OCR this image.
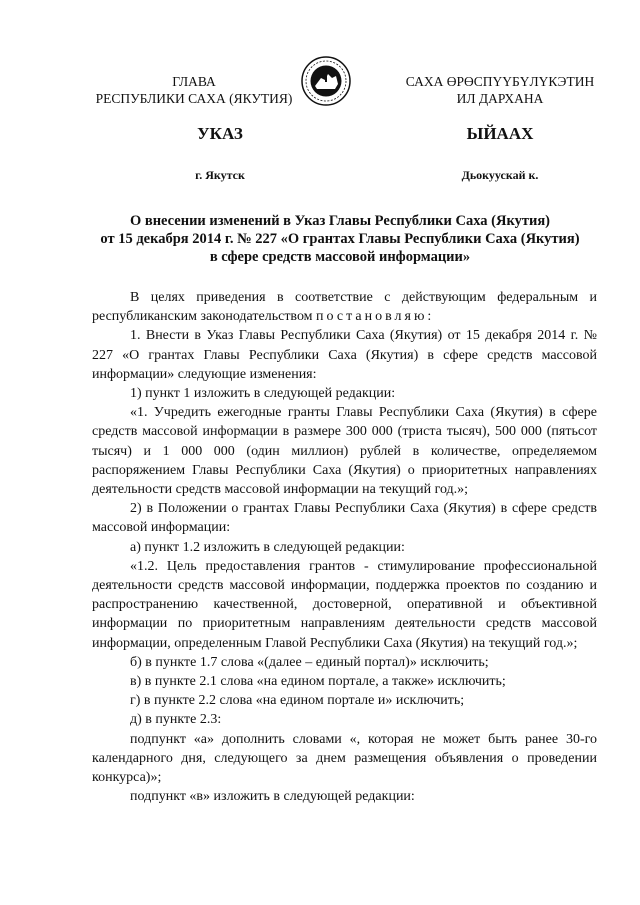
ГЛАВА
РЕСПУБЛИКИ САХА (ЯКУТИЯ)
САХА ӨРӨСПҮҮБҮЛҮКЭТИН
ИЛ ДАРХАНА
УКАЗ	ЫЙААХ
г. Якутск	Дьокуускай к.
О внесении изменений в Указ Главы Республики Саха (Якутия)
от 15 декабря 2014 г. № 227 «О грантах Главы Республики Саха (Якутия)
в сфере средств массовой информации»

В целях приведения в соответствие с действующим федеральным и республиканским законодательством постановляю:

1. Внести в Указ Главы Республики Саха (Якутия) от 15 декабря 2014 г. № 227 «О грантах Главы Республики Саха (Якутия) в сфере средств массовой информации» следующие изменения:

1) пункт 1 изложить в следующей редакции:

«1. Учредить ежегодные гранты Главы Республики Саха (Якутия) в сфере средств массовой информации в размере 300 000 (триста тысяч), 500 000 (пятьсот тысяч) и 1 000 000 (один миллион) рублей в количестве, определяемом распоряжением Главы Республики Саха (Якутия) о приоритетных направлениях деятельности средств массовой информации на текущий год.»;

2) в Положении о грантах Главы Республики Саха (Якутия) в сфере средств массовой информации:

а) пункт 1.2 изложить в следующей редакции:

«1.2. Цель предоставления грантов - стимулирование профессиональной деятельности средств массовой информации, поддержка проектов по созданию и распространению качественной, достоверной, оперативной и объективной информации по приоритетным направлениям деятельности средств массовой информации, определенным Главой Республики Саха (Якутия) на текущий год.»;

б) в пункте 1.7 слова «(далее – единый портал)» исключить;

в) в пункте 2.1 слова «на едином портале, а также» исключить;

г) в пункте 2.2 слова «на едином портале и» исключить;

д) в пункте 2.3:

подпункт «а» дополнить словами «, которая не может быть ранее 30-го календарного дня, следующего за днем размещения объявления о проведении конкурса)»;

подпункт «в» изложить в следующей редакции:
